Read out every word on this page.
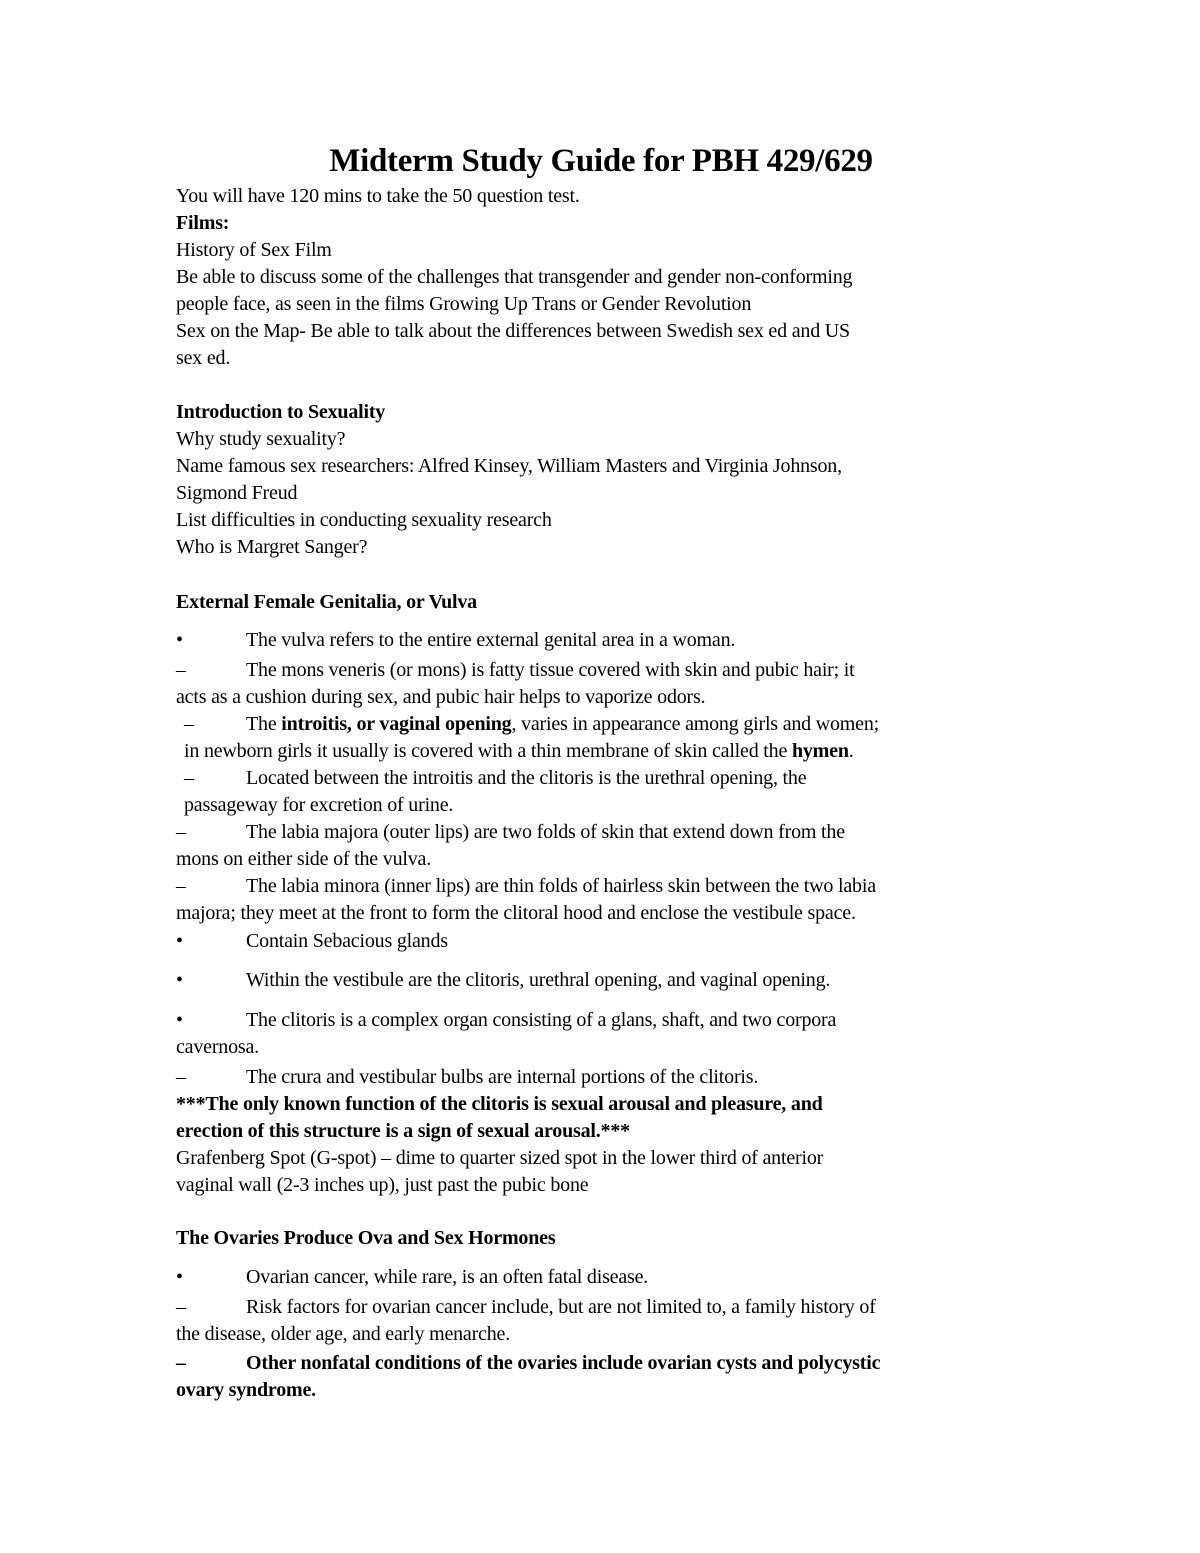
Midterm Study Guide for PBH 429/629
You will have 120 mins to take the 50 question test.
Films:
History of Sex Film
Be able to discuss some of the challenges that transgender and gender non-conforming
people face, as seen in the films Growing Up Trans or Gender Revolution
Sex on the Map- Be able to talk about the differences between Swedish sex ed and US
sex ed.
Introduction to Sexuality
Why study sexuality?
Name famous sex researchers: Alfred Kinsey, William Masters and Virginia Johnson,
Sigmond Freud
List difficulties in conducting sexuality research
Who is Margret Sanger?
External Female Genitalia, or Vulva
•	The vulva refers to the entire external genital area in a woman.
–	The mons veneris (or mons) is fatty tissue covered with skin and pubic hair; it
acts as a cushion during sex, and pubic hair helps to vaporize odors.
–	The introitis, or vaginal opening, varies in appearance among girls and women;
in newborn girls it usually is covered with a thin membrane of skin called the hymen.
–	Located between the introitis and the clitoris is the urethral opening, the
passageway for excretion of urine.
–	The labia majora (outer lips) are two folds of skin that extend down from the
mons on either side of the vulva.
–	The labia minora (inner lips) are thin folds of hairless skin between the two labia
majora; they meet at the front to form the clitoral hood and enclose the vestibule space.
•	Contain Sebacious glands
•	Within the vestibule are the clitoris, urethral opening, and vaginal opening.
•	The clitoris is a complex organ consisting of a glans, shaft, and two corpora
cavernosa.
–	The crura and vestibular bulbs are internal portions of the clitoris.
***The only known function of the clitoris is sexual arousal and pleasure, and
erection of this structure is a sign of sexual arousal.***
Grafenberg Spot (G-spot) – dime to quarter sized spot in the lower third of anterior
vaginal wall (2-3 inches up), just past the pubic bone
The Ovaries Produce Ova and Sex Hormones
•	Ovarian cancer, while rare, is an often fatal disease.
–	Risk factors for ovarian cancer include, but are not limited to, a family history of
the disease, older age, and early menarche.
–	Other nonfatal conditions of the ovaries include ovarian cysts and polycystic
ovary syndrome.
